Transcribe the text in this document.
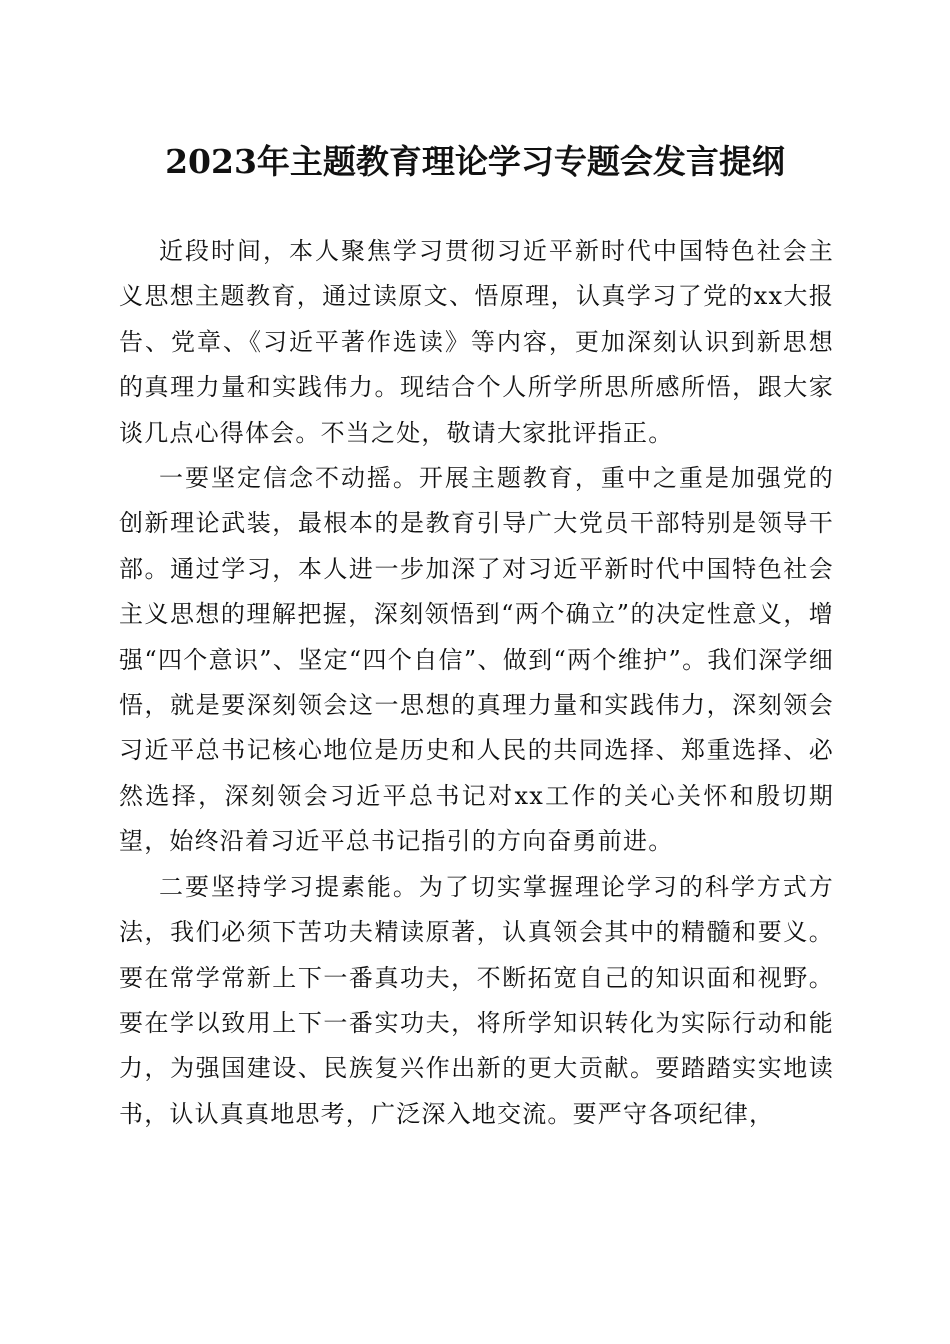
2023年主题教育理论学习专题会发言提纲

近段时间，本人聚焦学习贯彻习近平新时代中国特色社会主义思想主题教育，通过读原文、悟原理，认真学习了党的xx大报告、党章、《习近平著作选读》等内容，更加深刻认识到新思想的真理力量和实践伟力。现结合个人所学所思所感所悟，跟大家谈几点心得体会。不当之处，敬请大家批评指正。

一要坚定信念不动摇。开展主题教育，重中之重是加强党的创新理论武装，最根本的是教育引导广大党员干部特别是领导干部。通过学习，本人进一步加深了对习近平新时代中国特色社会主义思想的理解把握，深刻领悟到“两个确立”的决定性意义，增强“四个意识”、坚定“四个自信”、做到“两个维护”。我们深学细悟，就是要深刻领会这一思想的真理力量和实践伟力，深刻领会习近平总书记核心地位是历史和人民的共同选择、郑重选择、必然选择，深刻领会习近平总书记对xx工作的关心关怀和殷切期望，始终沿着习近平总书记指引的方向奋勇前进。

二要坚持学习提素能。为了切实掌握理论学习的科学方式方法，我们必须下苦功夫精读原著，认真领会其中的精髓和要义。要在常学常新上下一番真功夫，不断拓宽自己的知识面和视野。要在学以致用上下一番实功夫，将所学知识转化为实际行动和能力，为强国建设、民族复兴作出新的更大贡献。要踏踏实实地读书，认认真真地思考，广泛深入地交流。要严守各项纪律，
